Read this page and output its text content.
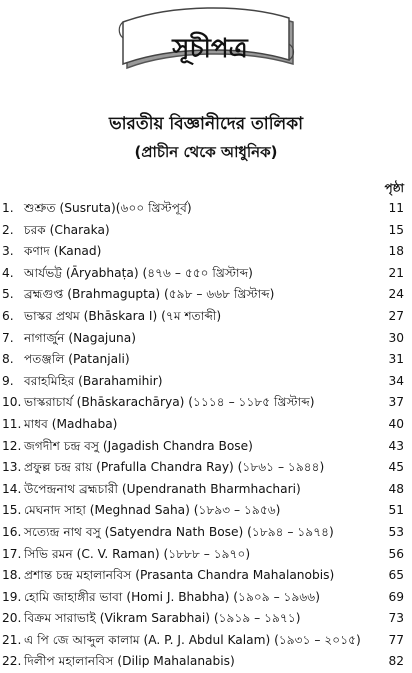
সূচীপত্র
ভারতীয় বিজ্ঞানীদের তালিকা
(প্রাচীন থেকে আধুনিক)
পৃষ্ঠা
1. শুশ্রুত (Susruta)(৬০০ খ্রিস্টপূর্ব)	11
2. চরক (Charaka)	15
3. কণাদ (Kanad)	18
4. আর্যভট্ট (Āryabhaṭa) (৪৭৬ – ৫৫০ খ্রিস্টাব্দ)	21
5. ব্রহ্মগুপ্ত (Brahmagupta) (৫৯৮ – ৬৬৮ খ্রিস্টাব্দ)	24
6. ভাস্কর প্রথম (Bhāskara I) (৭ম শতাব্দী)	27
7. নাগার্জুন (Nagajuna)	30
8. পতঞ্জলি (Patanjali)	31
9. বরাহমিহির (Barahamihir)	34
10. ভাস্করাচার্য (Bhāskarachārya) (১১১৪ – ১১৮৫ খ্রিস্টাব্দ)	37
11. মাধব (Madhaba)	40
12. জগদীশ চন্দ্র বসু (Jagadish Chandra Bose)	43
13. প্রফুল্ল চন্দ্র রায় (Prafulla Chandra Ray) (১৮৬১ – ১৯৪৪)	45
14. উপেন্দ্রনাথ ব্রহ্মচারী (Upendranath Bharmhachari)	48
15. মেঘনাদ সাহা (Meghnad Saha) (১৮৯৩ – ১৯৫৬)	51
16. সত্যেন্দ্র নাথ বসু (Satyendra Nath Bose) (১৮৯৪ – ১৯৭৪)	53
17. সিভি রমন (C. V. Raman) (১৮৮৮ – ১৯৭০)	56
18. প্রশান্ত চন্দ্র মহালানবিস (Prasanta Chandra Mahalanobis)	65
19. হোমি জাহাঙ্গীর ভাবা (Homi J. Bhabha) (১৯০৯ – ১৯৬৬)	69
20. বিক্রম সারাভাই (Vikram Sarabhai) (১৯১৯ – ১৯৭১)	73
21. এ পি জে আব্দুল কালাম (A. P. J. Abdul Kalam) (১৯৩১ – ২০১৫) 77
22. দিলীপ মহালানবিস (Dilip Mahalanabis)	82
